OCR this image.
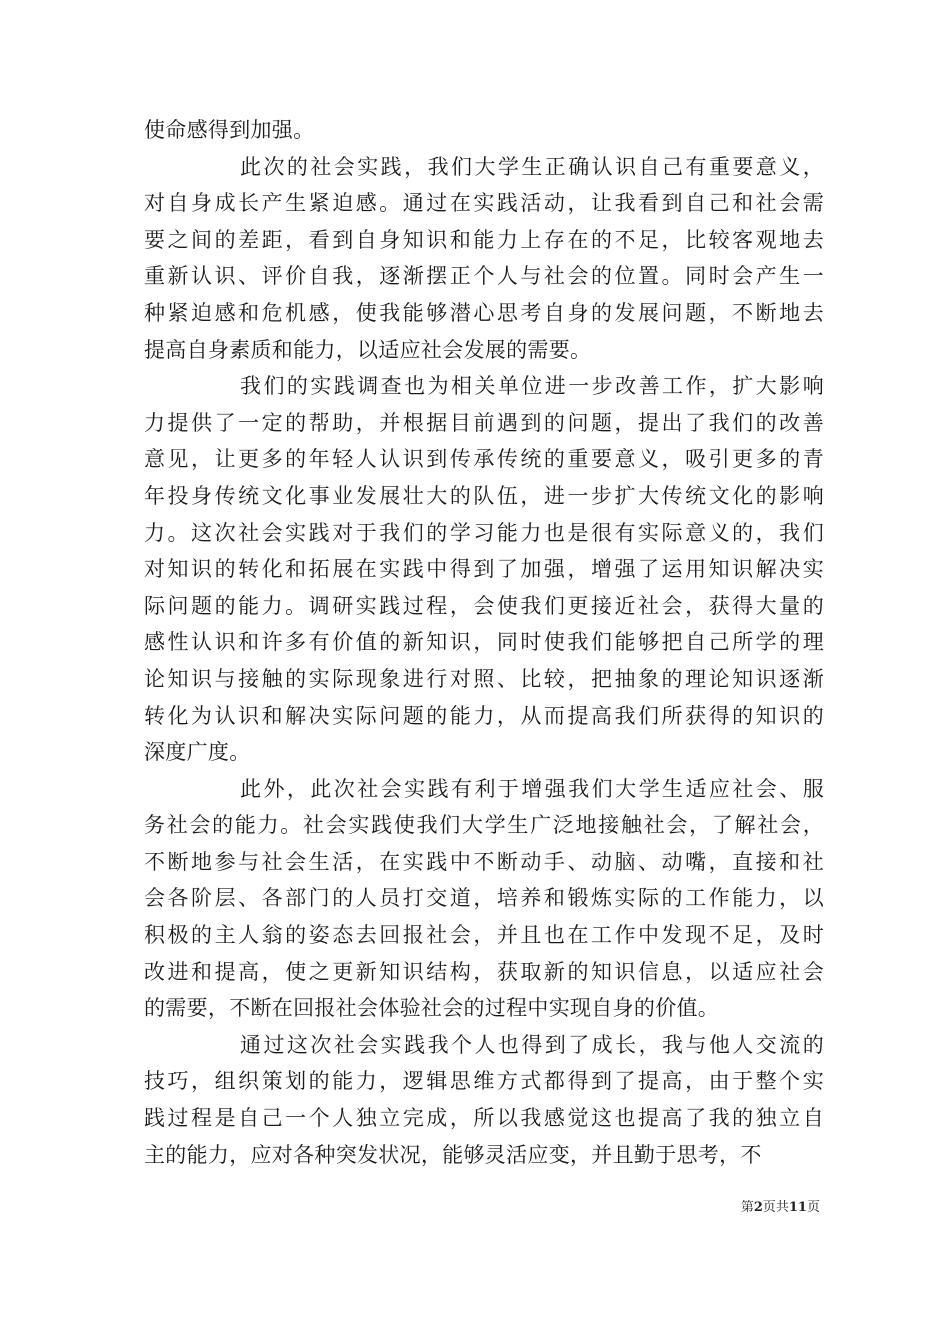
使命感得到加强。
此次的社会实践，我们大学生正确认识自己有重要意义，
对自身成长产生紧迫感。通过在实践活动，让我看到自己和社会需
要之间的差距，看到自身知识和能力上存在的不足，比较客观地去
重新认识、评价自我，逐渐摆正个人与社会的位置。同时会产生一
种紧迫感和危机感，使我能够潜心思考自身的发展问题，不断地去
提高自身素质和能力，以适应社会发展的需要。
我们的实践调查也为相关单位进一步改善工作，扩大影响
力提供了一定的帮助，并根据目前遇到的问题，提出了我们的改善
意见，让更多的年轻人认识到传承传统的重要意义，吸引更多的青
年投身传统文化事业发展壮大的队伍，进一步扩大传统文化的影响
力。这次社会实践对于我们的学习能力也是很有实际意义的，我们
对知识的转化和拓展在实践中得到了加强，增强了运用知识解决实
际问题的能力。调研实践过程，会使我们更接近社会，获得大量的
感性认识和许多有价值的新知识，同时使我们能够把自己所学的理
论知识与接触的实际现象进行对照、比较，把抽象的理论知识逐渐
转化为认识和解决实际问题的能力，从而提高我们所获得的知识的
深度广度。
此外，此次社会实践有利于增强我们大学生适应社会、服
务社会的能力。社会实践使我们大学生广泛地接触社会，了解社会，
不断地参与社会生活，在实践中不断动手、动脑、动嘴，直接和社
会各阶层、各部门的人员打交道，培养和锻炼实际的工作能力，以
积极的主人翁的姿态去回报社会，并且也在工作中发现不足，及时
改进和提高，使之更新知识结构，获取新的知识信息，以适应社会
的需要，不断在回报社会体验社会的过程中实现自身的价值。
通过这次社会实践我个人也得到了成长，我与他人交流的
技巧，组织策划的能力，逻辑思维方式都得到了提高，由于整个实
践过程是自己一个人独立完成，所以我感觉这也提高了我的独立自
主的能力，应对各种突发状况，能够灵活应变，并且勤于思考，不
第2页共11页
